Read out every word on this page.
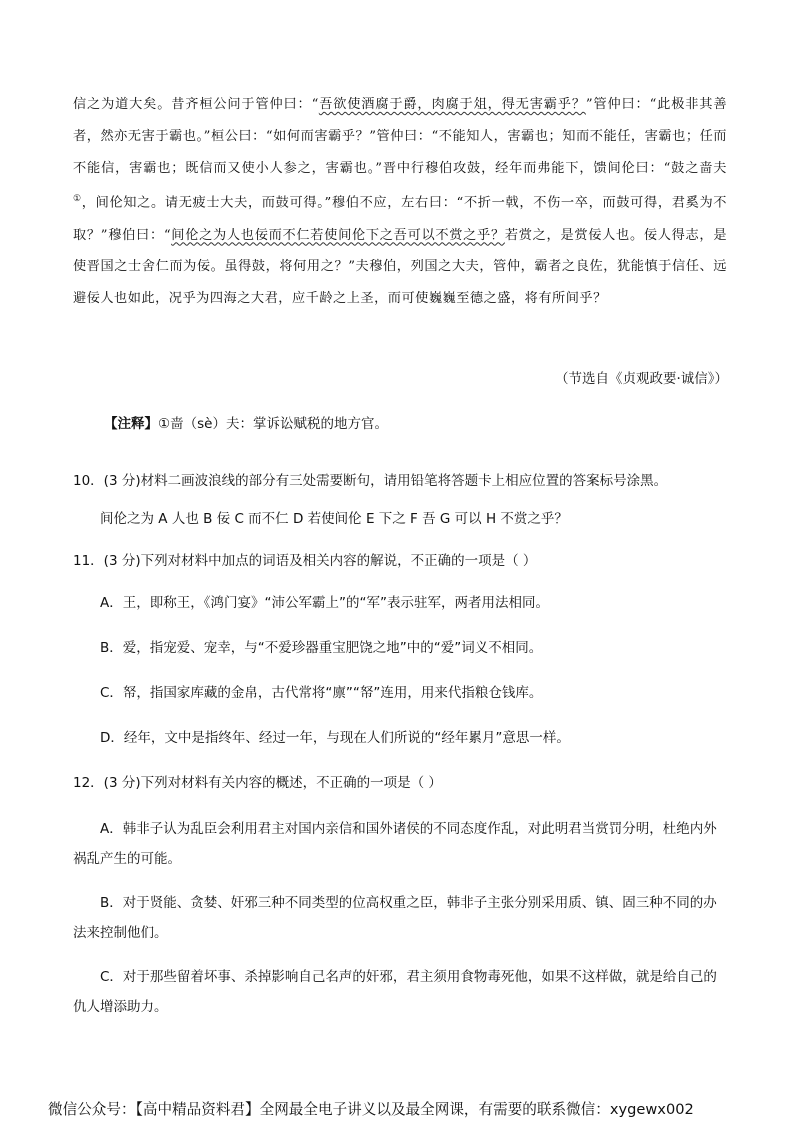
信之为道大矣。昔齐桓公问于管仲曰：“吾欲使酒腐于爵，肉腐于俎，得无害霸乎？”管仲曰：“此极非其善者，然亦无害于霸也。”桓公曰：“如何而害霸乎？”管仲曰：“不能知人，害霸也；知而不能任，害霸也；任而不能信，害霸也；既信而又使小人参之，害霸也。”晋中行穆伯攻鼓，经年而弗能下，馈间伦曰：“鼓之啬夫①，间伦知之。请无疲士大夫，而鼓可得。”穆伯不应，左右曰：“不折一戟，不伤一卒，而鼓可得，君奚为不取？”穆伯曰：“间伦之为人也佞而不仁若使间伦下之吾可以不赏之乎？若赏之，是赏佞人也。佞人得志，是使晋国之士舍仁而为佞。虽得鼓，将何用之？”夫穆伯，列国之大夫，管仲，霸者之良佐，犹能慎于信任、远避佞人也如此，况乎为四海之大君，应千龄之上圣，而可使巍巍至德之盛，将有所间乎？

（节选自《贞观政要·诚信》）

【注释】①啬（sè）夫：掌诉讼赋税的地方官。

10．(3 分)材料二画波浪线的部分有三处需要断句，请用铅笔将答题卡上相应位置的答案标号涂黑。

间伦之为 A 人也 B 佞 C 而不仁 D 若使间伦 E 下之 F 吾 G 可以 H 不赏之乎？

11．(3 分)下列对材料中加点的词语及相关内容的解说，不正确的一项是（ ）

A．王，即称王，《鸿门宴》“沛公军霸上”的“军”表示驻军，两者用法相同。

B．爱，指宠爱、宠幸，与“不爱珍器重宝肥饶之地”中的“爱”词义不相同。

C．帑，指国家库藏的金帛，古代常将“廪”“帑”连用，用来代指粮仓钱库。

D．经年，文中是指终年、经过一年，与现在人们所说的“经年累月”意思一样。

12．(3 分)下列对材料有关内容的概述，不正确的一项是（ ）

A．韩非子认为乱臣会利用君主对国内亲信和国外诸侯的不同态度作乱，对此明君当赏罚分明，杜绝内外祸乱产生的可能。

B．对于贤能、贪婪、奸邪三种不同类型的位高权重之臣，韩非子主张分别采用质、镇、固三种不同的办法来控制他们。

C．对于那些留着坏事、杀掉影响自己名声的奸邪，君主须用食物毒死他，如果不这样做，就是给自己的仇人增添助力。

微信公众号：【高中精品资料君】全网最全电子讲义以及最全网课，有需要的联系微信：xygewx002
